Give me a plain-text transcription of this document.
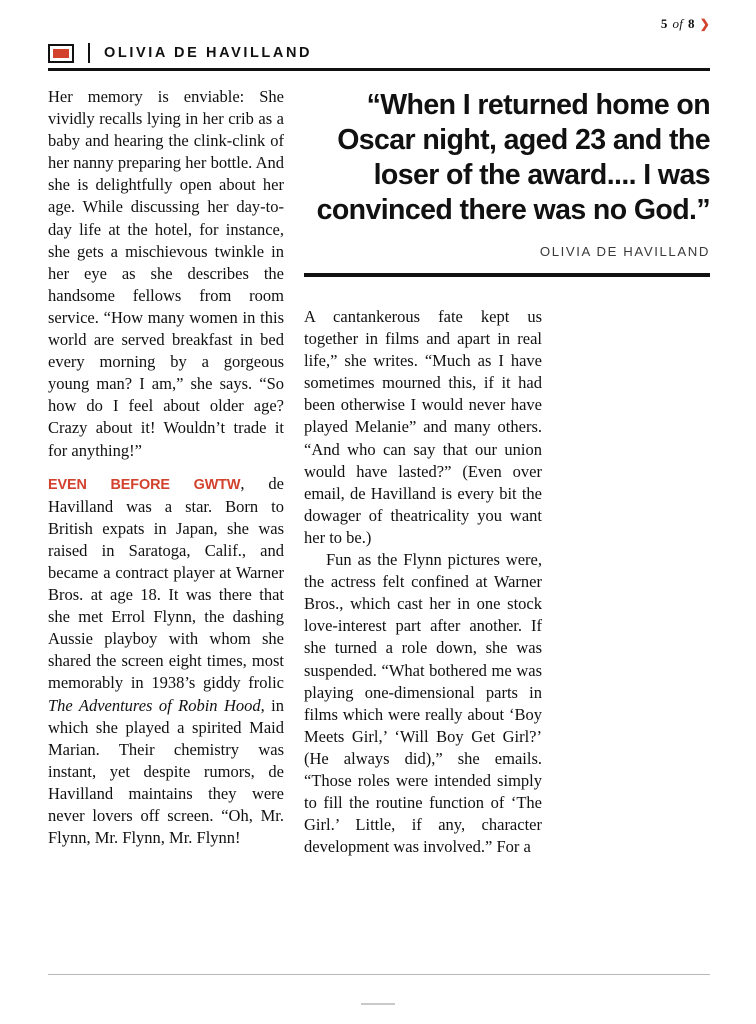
5 of 8 ❯
OLIVIA DE HAVILLAND

Her memory is enviable: She vividly recalls lying in her crib as a baby and hearing the clink-clink of her nanny preparing her bottle. And she is delightfully open about her age. While discussing her day-to-day life at the hotel, for instance, she gets a mischievous twinkle in her eye as she describes the handsome fellows from room service. “How many women in this world are served breakfast in bed every morning by a gorgeous young man? I am,” she says. “So how do I feel about older age? Crazy about it! Wouldn’t trade it for anything!”

EVEN BEFORE GWTW, de Havilland was a star. Born to British expats in Japan, she was raised in Saratoga, Calif., and became a contract player at Warner Bros. at age 18. It was there that she met Errol Flynn, the dashing Aussie playboy with whom she shared the screen eight times, most memorably in 1938’s giddy frolic The Adventures of Robin Hood, in which she played a spirited Maid Marian. Their chemistry was instant, yet despite rumors, de Havilland maintains they were never lovers off screen. “Oh, Mr. Flynn, Mr. Flynn, Mr. Flynn!

“When I returned home on Oscar night, aged 23 and the loser of the award.... I was convinced there was no God.”

OLIVIA DE HAVILLAND

A cantankerous fate kept us together in films and apart in real life,” she writes. “Much as I have sometimes mourned this, if it had been otherwise I would never have played Melanie” and many others. “And who can say that our union would have lasted?” (Even over email, de Havilland is every bit the dowager of theatricality you want her to be.)

Fun as the Flynn pictures were, the actress felt confined at Warner Bros., which cast her in one stock love-interest part after another. If she turned a role down, she was suspended. “What bothered me was playing one-dimensional parts in films which were really about ‘Boy Meets Girl,’ ‘Will Boy Get Girl?’ (He always did),” she emails. “Those roles were intended simply to fill the routine function of ‘The Girl.’ Little, if any, character development was involved.” For a
